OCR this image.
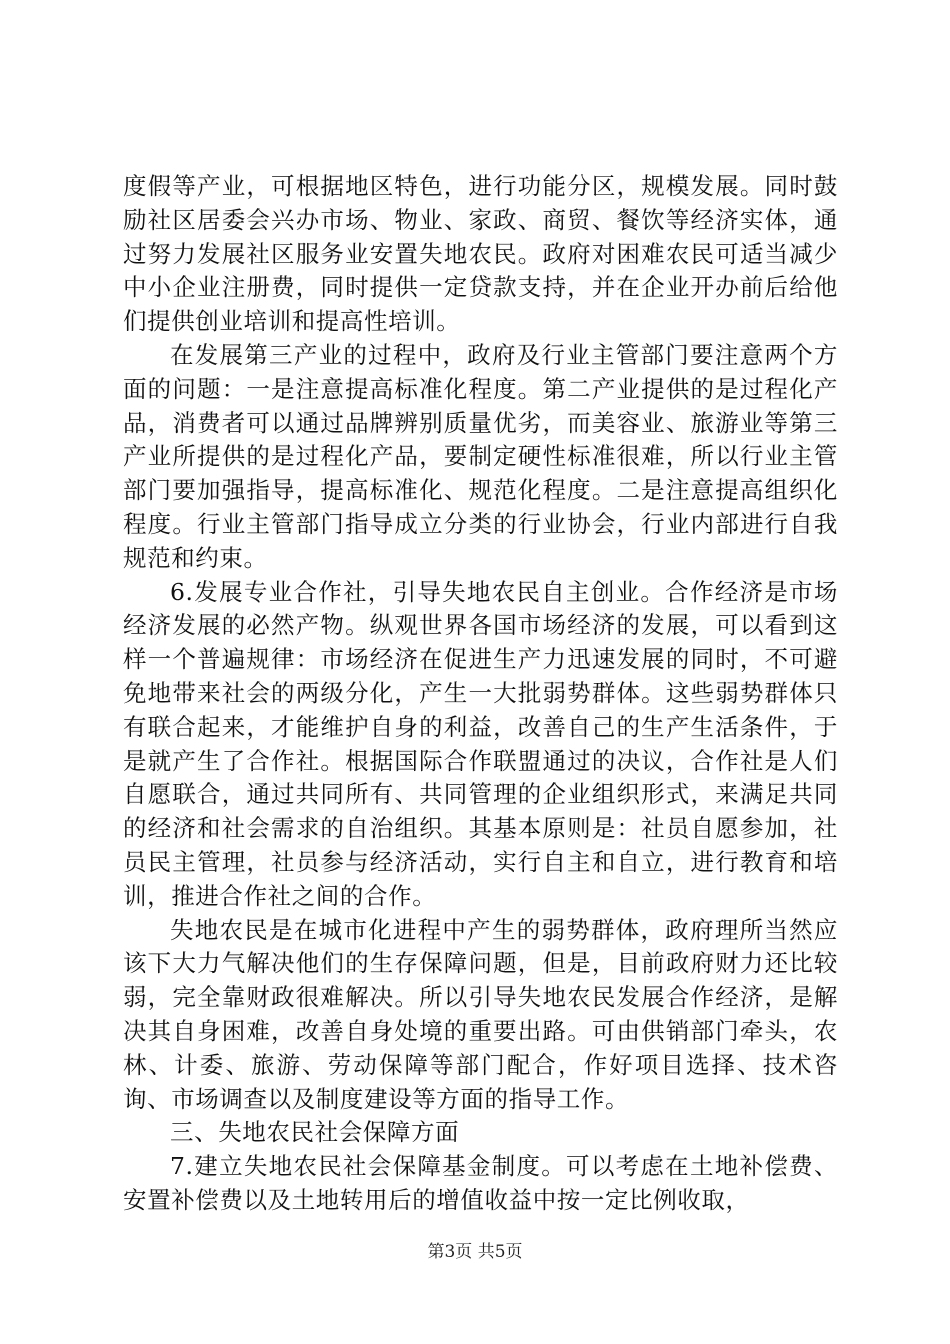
度假等产业，可根据地区特色，进行功能分区，规模发展。同时鼓励社区居委会兴办市场、物业、家政、商贸、餐饮等经济实体，通过努力发展社区服务业安置失地农民。政府对困难农民可适当减少中小企业注册费，同时提供一定贷款支持，并在企业开办前后给他们提供创业培训和提高性培训。

在发展第三产业的过程中，政府及行业主管部门要注意两个方面的问题：一是注意提高标准化程度。第二产业提供的是过程化产品，消费者可以通过品牌辨别质量优劣，而美容业、旅游业等第三产业所提供的是过程化产品，要制定硬性标准很难，所以行业主管部门要加强指导，提高标准化、规范化程度。二是注意提高组织化程度。行业主管部门指导成立分类的行业协会，行业内部进行自我规范和约束。

6.发展专业合作社，引导失地农民自主创业。合作经济是市场经济发展的必然产物。纵观世界各国市场经济的发展，可以看到这样一个普遍规律：市场经济在促进生产力迅速发展的同时，不可避免地带来社会的两级分化，产生一大批弱势群体。这些弱势群体只有联合起来，才能维护自身的利益，改善自己的生产生活条件，于是就产生了合作社。根据国际合作联盟通过的决议，合作社是人们自愿联合，通过共同所有、共同管理的企业组织形式，来满足共同的经济和社会需求的自治组织。其基本原则是：社员自愿参加，社员民主管理，社员参与经济活动，实行自主和自立，进行教育和培训，推进合作社之间的合作。

失地农民是在城市化进程中产生的弱势群体，政府理所当然应该下大力气解决他们的生存保障问题，但是，目前政府财力还比较弱，完全靠财政很难解决。所以引导失地农民发展合作经济，是解决其自身困难，改善自身处境的重要出路。可由供销部门牵头，农林、计委、旅游、劳动保障等部门配合，作好项目选择、技术咨询、市场调查以及制度建设等方面的指导工作。

三、失地农民社会保障方面

7.建立失地农民社会保障基金制度。可以考虑在土地补偿费、安置补偿费以及土地转用后的增值收益中按一定比例收取，

第3页 共5页
